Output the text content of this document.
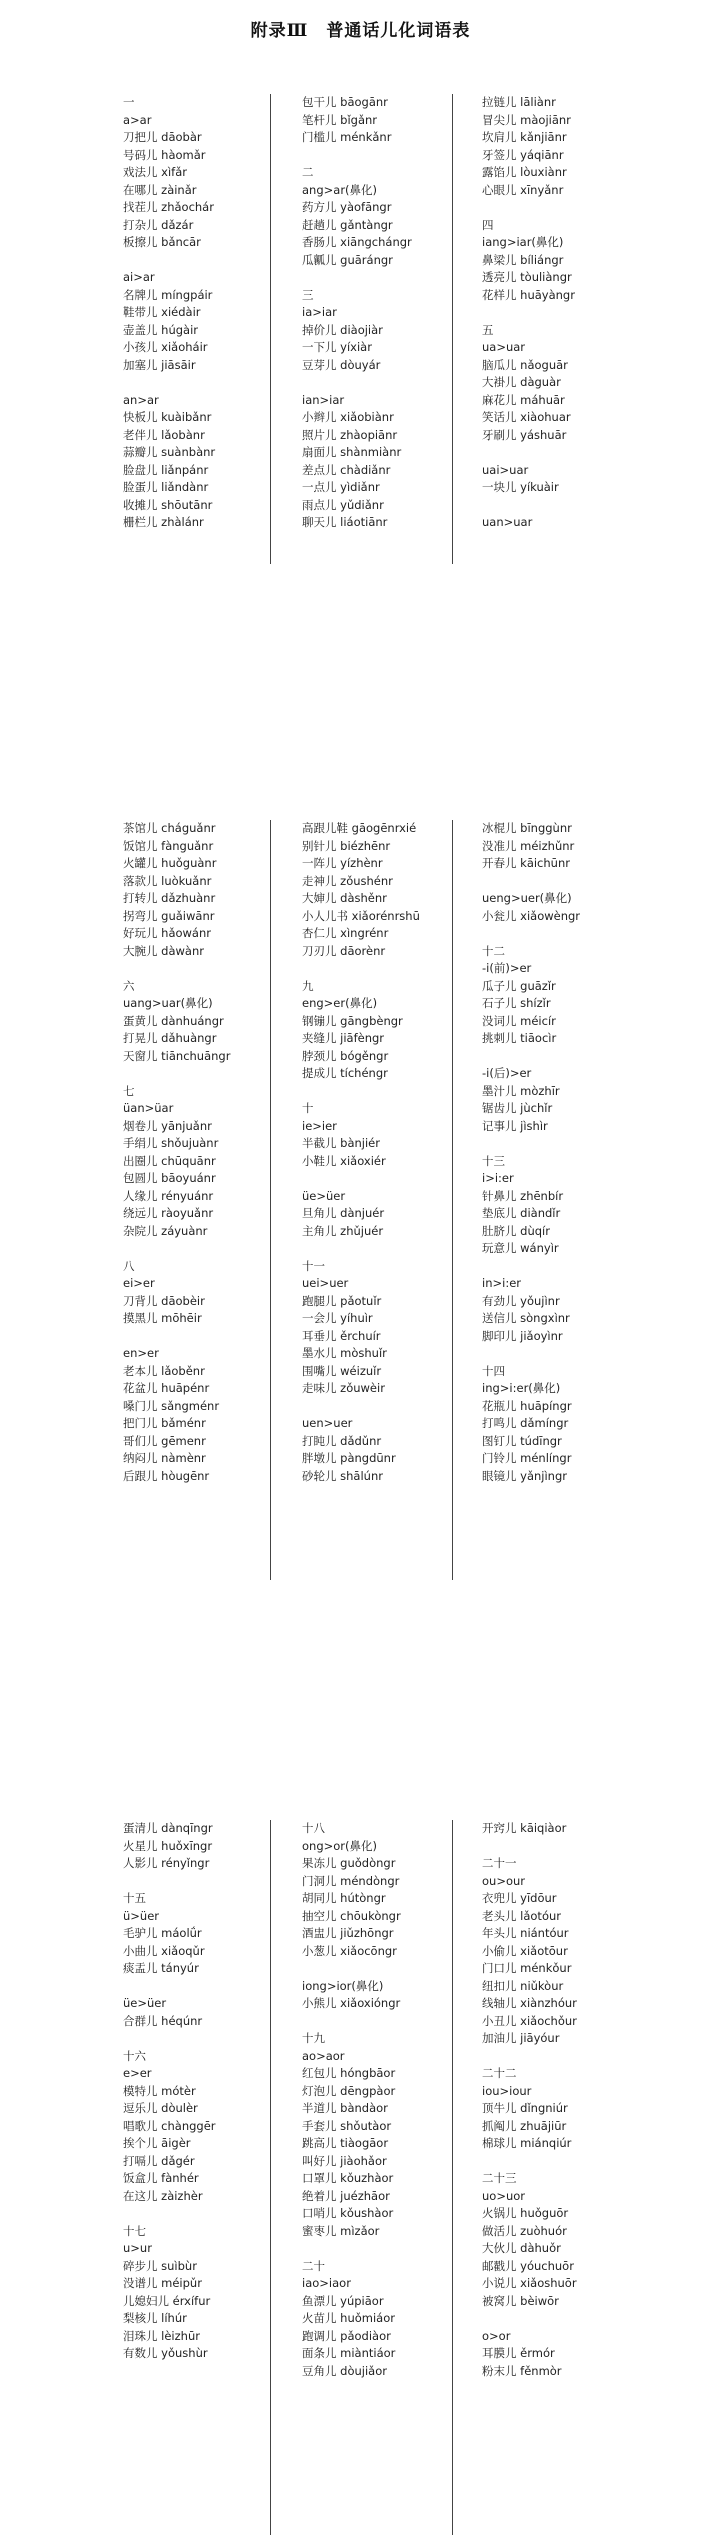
附录Ⅲ　普通话儿化词语表
一
a>ar
刀把儿 dāobàr
号码儿 hàomǎr
戏法儿 xìfǎr
在哪儿 zàinǎr
找茬儿 zhǎochár
打杂儿 dǎzár
板擦儿 bǎncār
ai>ar
名牌儿 míngpáir
鞋带儿 xiédàir
壶盖儿 húgàir
小孩儿 xiǎoháir
加塞儿 jiāsāir
an>ar
快板儿 kuàibǎnr
老伴儿 lǎobànr
蒜瓣儿 suànbànr
脸盘儿 liǎnpánr
脸蛋儿 liǎndànr
收摊儿 shōutānr
栅栏儿 zhàlánr
包干儿 bāogānr
笔杆儿 bǐgǎnr
门槛儿 ménkǎnr
二
ang>ar(鼻化)
药方儿 yàofāngr
赶趟儿 gǎntàngr
香肠儿 xiāngchángr
瓜瓤儿 guārángr
三
ia>iar
掉价儿 diàojiàr
一下儿 yíxiàr
豆芽儿 dòuyár
ian>iar
小辫儿 xiǎobiànr
照片儿 zhàopiānr
扇面儿 shànmiànr
差点儿 chàdiǎnr
一点儿 yìdiǎnr
雨点儿 yǔdiǎnr
聊天儿 liáotiānr
拉链儿 lāliànr
冒尖儿 màojiānr
坎肩儿 kǎnjiānr
牙签儿 yáqiānr
露馅儿 lòuxiànr
心眼儿 xīnyǎnr
四
iang>iar(鼻化)
鼻梁儿 bíliángr
透亮儿 tòuliàngr
花样儿 huāyàngr
五
ua>uar
脑瓜儿 nǎoguār
大褂儿 dàguàr
麻花儿 máhuār
笑话儿 xiàohuar
牙刷儿 yáshuār
uai>uar
一块儿 yíkuàir
uan>uar
茶馆儿 cháguǎnr
饭馆儿 fànguǎnr
火罐儿 huǒguànr
落款儿 luòkuǎnr
打转儿 dǎzhuànr
拐弯儿 guǎiwānr
好玩儿 hǎowánr
大腕儿 dàwànr
六
uang>uar(鼻化)
蛋黄儿 dànhuángr
打晃儿 dǎhuàngr
天窗儿 tiānchuāngr
七
üan>üar
烟卷儿 yānjuǎnr
手绢儿 shǒujuànr
出圈儿 chūquānr
包圆儿 bāoyuánr
人缘儿 rényuánr
绕远儿 ràoyuǎnr
杂院儿 záyuànr
八
ei>er
刀背儿 dāobèir
摸黑儿 mōhēir
en>er
老本儿 lǎoběnr
花盆儿 huāpénr
嗓门儿 sǎngménr
把门儿 bǎménr
哥们儿 gēmenr
纳闷儿 nàmènr
后跟儿 hòugēnr
高跟儿鞋 gāogēnrxié
别针儿 biézhēnr
一阵儿 yízhènr
走神儿 zǒushénr
大婶儿 dàshěnr
小人儿书 xiǎorénrshū
杏仁儿 xìngrénr
刀刃儿 dāorènr
九
eng>er(鼻化)
钢镚儿 gāngbèngr
夹缝儿 jiāfèngr
脖颈儿 bógěngr
提成儿 tíchéngr
十
ie>ier
半截儿 bànjiér
小鞋儿 xiǎoxiér
üe>üer
旦角儿 dànjuér
主角儿 zhǔjuér
十一
uei>uer
跑腿儿 pǎotuǐr
一会儿 yíhuìr
耳垂儿 ěrchuír
墨水儿 mòshuǐr
围嘴儿 wéizuǐr
走味儿 zǒuwèir
uen>uer
打盹儿 dǎdǔnr
胖墩儿 pàngdūnr
砂轮儿 shālúnr
冰棍儿 bīnggùnr
没准儿 méizhǔnr
开春儿 kāichūnr
ueng>uer(鼻化)
小瓮儿 xiǎowèngr
十二
-i(前)>er
瓜子儿 guāzǐr
石子儿 shízǐr
没词儿 méicír
挑刺儿 tiāocìr
-i(后)>er
墨汁儿 mòzhīr
锯齿儿 jùchǐr
记事儿 jìshìr
十三
i>i:er
针鼻儿 zhēnbír
垫底儿 diàndǐr
肚脐儿 dùqír
玩意儿 wányìr
in>i:er
有劲儿 yǒujìnr
送信儿 sòngxìnr
脚印儿 jiǎoyìnr
十四
ing>i:er(鼻化)
花瓶儿 huāpíngr
打鸣儿 dǎmíngr
图钉儿 túdīngr
门铃儿 ménlíngr
眼镜儿 yǎnjìngr
蛋清儿 dànqīngr
火星儿 huǒxīngr
人影儿 rényǐngr
十五
ü>üer
毛驴儿 máolǘr
小曲儿 xiǎoqǔr
痰盂儿 tányúr
üe>üer
合群儿 héqúnr
十六
e>er
模特儿 mótèr
逗乐儿 dòulèr
唱歌儿 chànggēr
挨个儿 āigèr
打嗝儿 dǎgér
饭盒儿 fànhér
在这儿 zàizhèr
十七
u>ur
碎步儿 suìbùr
没谱儿 méipǔr
儿媳妇儿 érxífur
梨核儿 líhúr
泪珠儿 lèizhūr
有数儿 yǒushùr
十八
ong>or(鼻化)
果冻儿 guǒdòngr
门洞儿 méndòngr
胡同儿 hútòngr
抽空儿 chōukòngr
酒盅儿 jiǔzhōngr
小葱儿 xiǎocōngr
iong>ior(鼻化)
小熊儿 xiǎoxióngr
十九
ao>aor
红包儿 hóngbāor
灯泡儿 dēngpàor
半道儿 bàndàor
手套儿 shǒutàor
跳高儿 tiàogāor
叫好儿 jiàohǎor
口罩儿 kǒuzhàor
绝着儿 juézhāor
口哨儿 kǒushàor
蜜枣儿 mìzǎor
二十
iao>iaor
鱼漂儿 yúpiāor
火苗儿 huǒmiáor
跑调儿 pǎodiàor
面条儿 miàntiáor
豆角儿 dòujiǎor
开窍儿 kāiqiàor
二十一
ou>our
衣兜儿 yīdōur
老头儿 lǎotóur
年头儿 niántóur
小偷儿 xiǎotōur
门口儿 ménkǒur
纽扣儿 niǔkòur
线轴儿 xiànzhóur
小丑儿 xiǎochǒur
加油儿 jiāyóur
二十二
iou>iour
顶牛儿 dǐngniúr
抓阄儿 zhuājiūr
棉球儿 miánqiúr
二十三
uo>uor
火锅儿 huǒguōr
做活儿 zuòhuór
大伙儿 dàhuǒr
邮戳儿 yóuchuōr
小说儿 xiǎoshuōr
被窝儿 bèiwōr
o>or
耳膜儿 ěrmór
粉末儿 fěnmòr
